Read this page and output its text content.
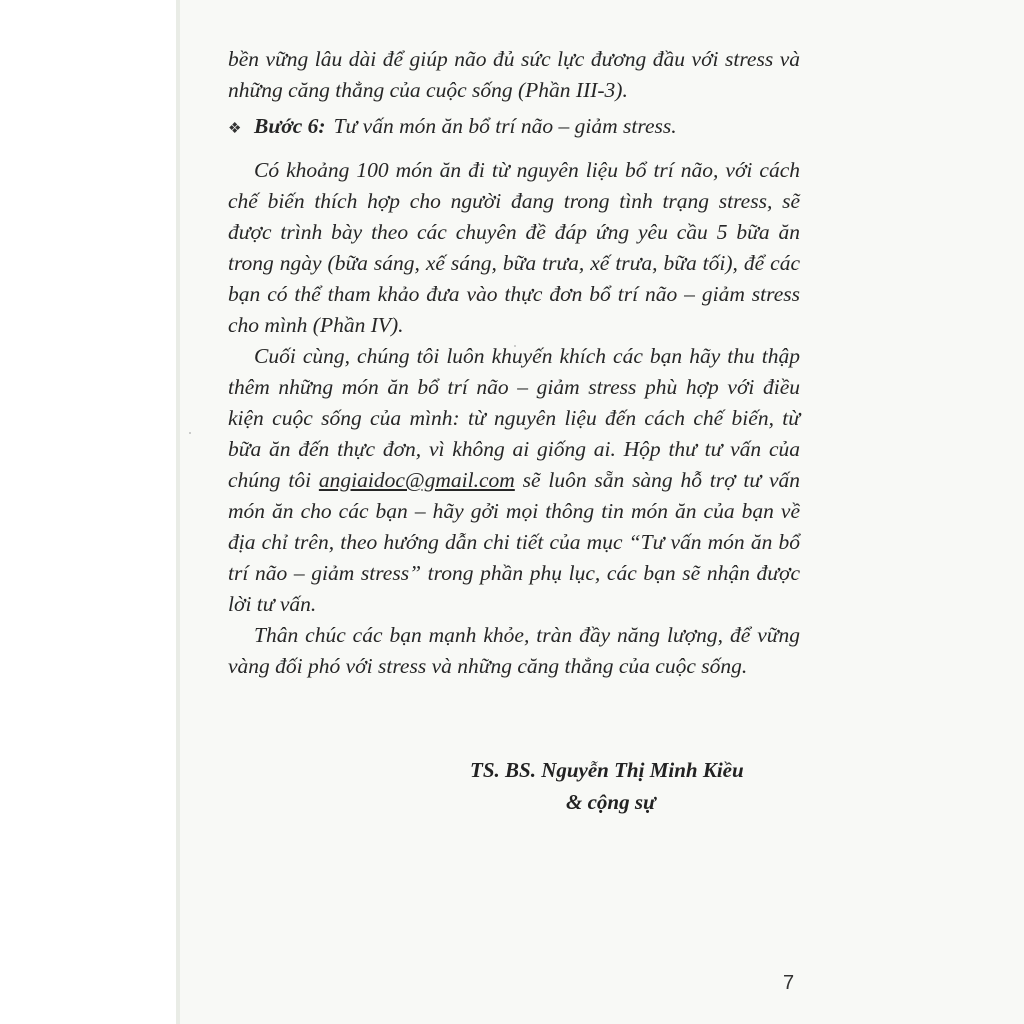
bền vững lâu dài để giúp não đủ sức lực đương đầu với stress và
những căng thẳng của cuộc sống (Phần III-3).

❖ Bước 6: Tư vấn món ăn bổ trí não – giảm stress.

Có khoảng 100 món ăn đi từ nguyên liệu bổ trí não, với cách
chế biến thích hợp cho người đang trong tình trạng stress, sẽ
được trình bày theo các chuyên đề đáp ứng yêu cầu 5 bữa ăn
trong ngày (bữa sáng, xế sáng, bữa trưa, xế trưa, bữa tối), để các
bạn có thể tham khảo đưa vào thực đơn bổ trí não – giảm stress
cho mình (Phần IV).

Cuối cùng, chúng tôi luôn khuyến khích các bạn hãy thu thập
thêm những món ăn bổ trí não – giảm stress phù hợp với điều
kiện cuộc sống của mình: từ nguyên liệu đến cách chế biến, từ
bữa ăn đến thực đơn, vì không ai giống ai. Hộp thư tư vấn của
chúng tôi angiaidoc@gmail.com sẽ luôn sẵn sàng hỗ trợ tư vấn
món ăn cho các bạn – hãy gởi mọi thông tin món ăn của bạn về
địa chỉ trên, theo hướng dẫn chi tiết của mục “Tư vấn món ăn bổ
trí não – giảm stress” trong phần phụ lục, các bạn sẽ nhận được
lời tư vấn.

Thân chúc các bạn mạnh khỏe, tràn đầy năng lượng, để vững
vàng đối phó với stress và những căng thẳng của cuộc sống.

TS. BS. Nguyễn Thị Minh Kiều
& cộng sự
7
